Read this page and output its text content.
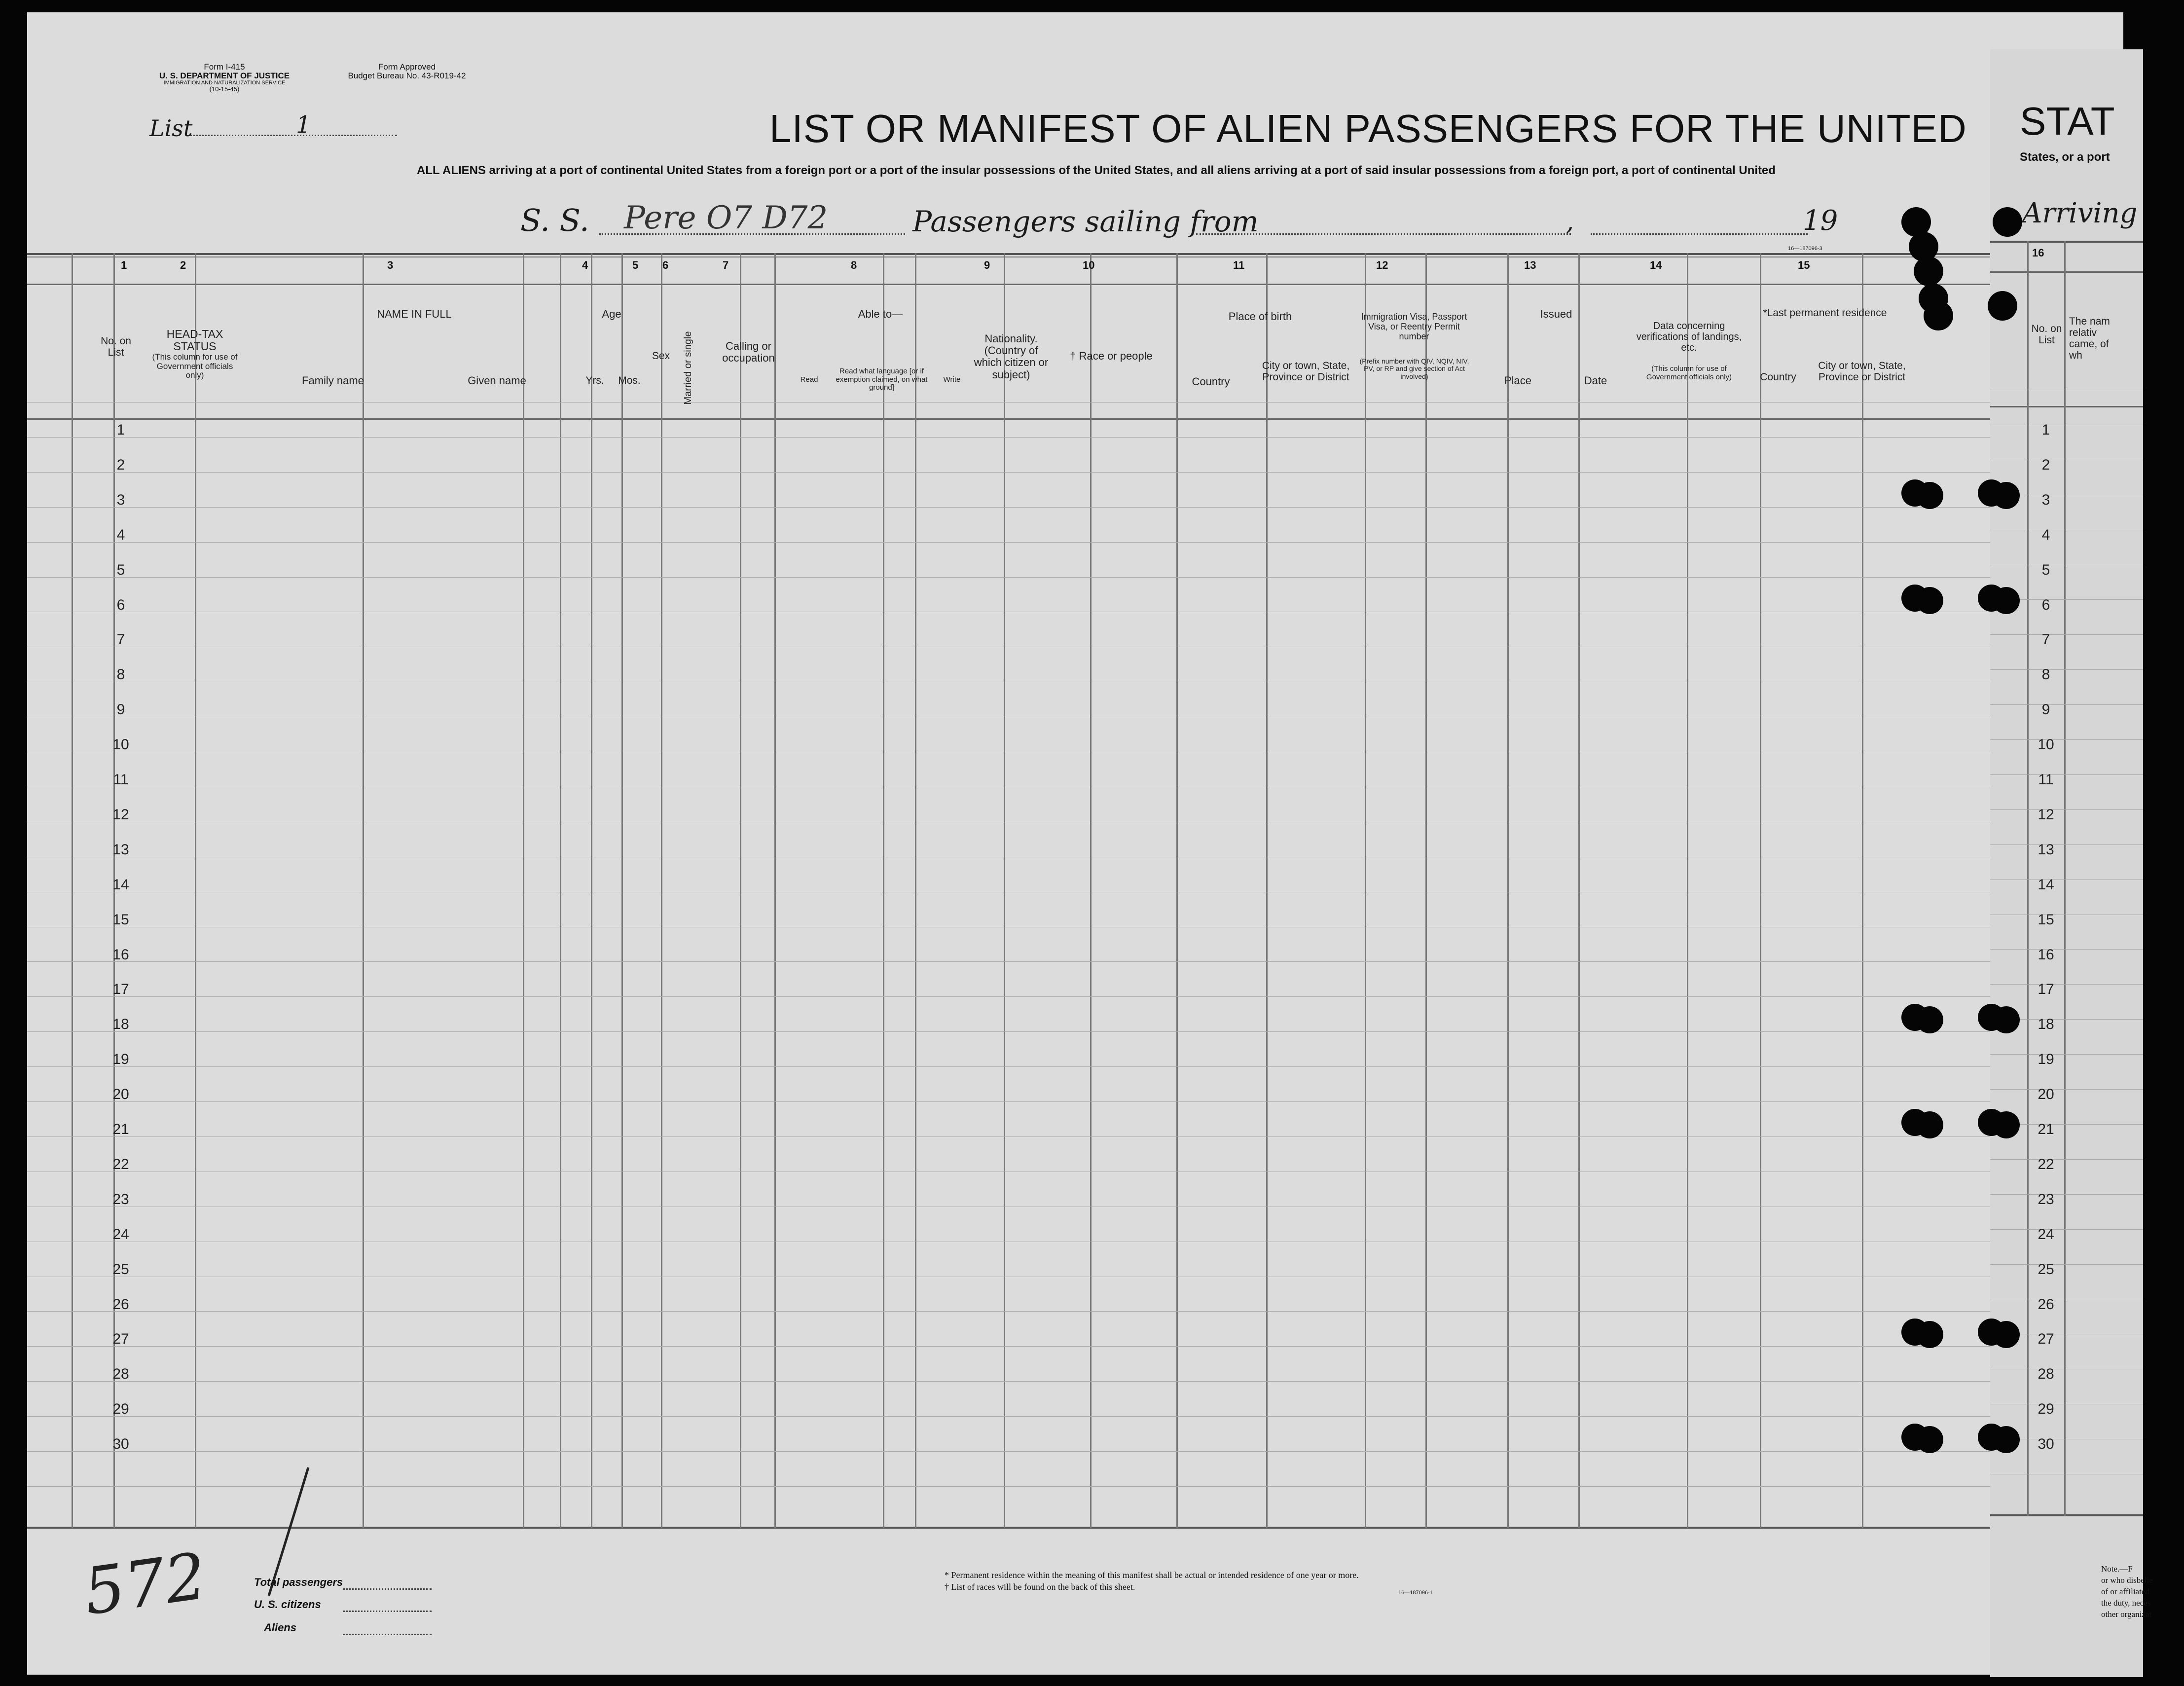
Form I-415
U. S. DEPARTMENT OF JUSTICE
IMMIGRATION AND NATURALIZATION SERVICE
(10-15-45)
Form Approved
Budget Bureau No. 43-R019-42
List	1	LIST OR MANIFEST OF ALIEN PASSENGERS FOR THE UNITED
ALL ALIENS arriving at a port of continental United States from a foreign port or a port of the insular possessions of the United States, and all aliens arriving at a port of said insular possessions from a foreign port, a port of continental United
S. S. Pere O7 D72	Passengers sailing from	,	19
16—187096-3
1	2	3	4	5 6	7	8	9	10	11	12	13	14	15
No. on List
HEAD-TAX STATUS
(This column for use of Government officials only)
NAME IN FULL
Family name	Given name
Age
Yrs.	Mos.
Sex	Married or single	Calling or occupation
Able to—
Read
Read what language [or if exemption claimed, on what ground]
Write
Nationality. (Country of which citizen or subject)
† Race or people
Place of birth
Country
City or town, State, Province or District
Immigration Visa, Passport Visa, or Reentry Permit number
(Prefix number with QIV, NQIV, NIV, PV, or RP and give section of Act involved)
Issued
Place	Date
Data concerning verifications of landings, etc.
(This column for use of Government officials only)
*Last permanent residence
Country
City or town, State, Province or District
1
2
3
4
5
6
7
8
9
10
11
12
13
14
15
16
17
18
19
20
21
22
23
24
25
26
27
28
29
30
572	Total passengers
U. S. citizens
Aliens
* Permanent residence within the meaning of this manifest shall be actual or intended residence of one year or more.
† List of races will be found on the back of this sheet.
16—187096-1
STAT
States, or a port
Arriving
16
No. on List
The nam relativ came, of wh
1
2
3
4
5
6
7
8
9
10
11
12
13
14
15
16
17
18
19
20
21
22
23
24
25
26
27
28
29
30
Note.—F
or who disbelie
of or affiliated
the duty, neces
other organizat
